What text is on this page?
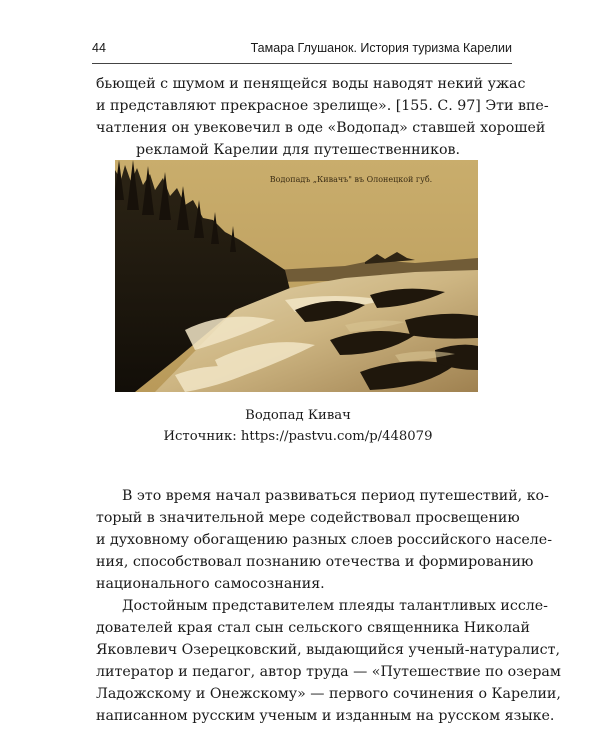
44	Тамара Глушанок. История туризма Карелии
бьющей с шумом и пенящейся воды наводят некий ужас
и представляют прекрасное зрелище». [155. С. 97] Эти впе-
чатления он увековечил в оде «Водопад» ставшей хорошей
рекламой Карелии для путешественников.
Водопадъ „Кивачъ" въ Олонецкой губ.
Водопад Кивач
Источник: https://pastvu.com/p/448079
В это время начал развиваться период путешествий, ко-
торый в значительной мере содействовал просвещению
и духовному обогащению разных слоев российского населе-
ния, способствовал познанию отечества и формированию
национального самосознания.
Достойным представителем плеяды талантливых иссле-
дователей края стал сын сельского священника Николай
Яковлевич Озерецковский, выдающийся ученый-натуралист,
литератор и педагог, автор труда — «Путешествие по озерам
Ладожскому и Онежскому» — первого сочинения о Карелии,
написанном русским ученым и изданным на русском языке.
